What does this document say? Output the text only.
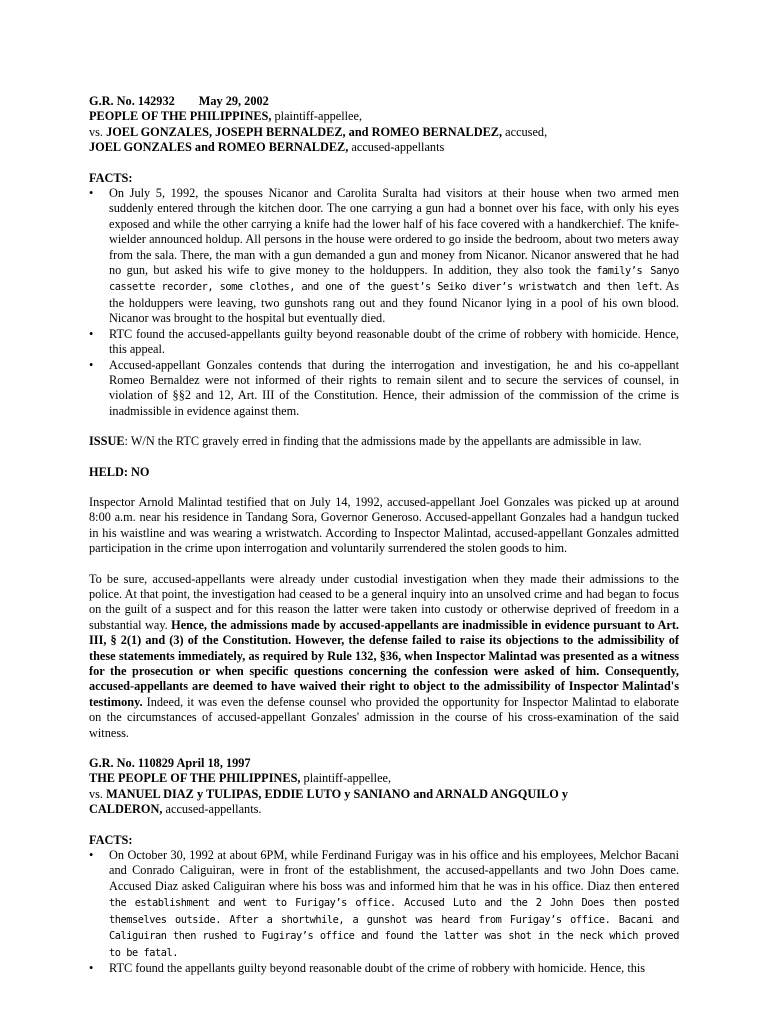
G.R. No. 142932 May 29, 2002

PEOPLE OF THE PHILIPPINES, plaintiff-appellee,

vs. JOEL GONZALES, JOSEPH BERNALDEZ, and ROMEO BERNALDEZ, accused,

JOEL GONZALES and ROMEO BERNALDEZ, accused-appellants

FACTS:
• On July 5, 1992, the spouses Nicanor and Carolita Suralta had visitors at their house when two armed men suddenly entered through the kitchen door. The one carrying a gun had a bonnet over his face, with only his eyes exposed and while the other carrying a knife had the lower half of his face covered with a handkerchief. The knife-wielder announced holdup. All persons in the house were ordered to go inside the bedroom, about two meters away from the sala. There, the man with a gun demanded a gun and money from Nicanor. Nicanor answered that he had no gun, but asked his wife to give money to the holduppers. In addition, they also took the family’s Sanyo cassette recorder, some clothes, and one of the guest’s Seiko diver’s wristwatch and then left. As the holduppers were leaving, two gunshots rang out and they found Nicanor lying in a pool of his own blood. Nicanor was brought to the hospital but eventually died.
• RTC found the accused-appellants guilty beyond reasonable doubt of the crime of robbery with homicide. Hence, this appeal.
• Accused-appellant Gonzales contends that during the interrogation and investigation, he and his co-appellant Romeo Bernaldez were not informed of their rights to remain silent and to secure the services of counsel, in violation of §§2 and 12, Art. III of the Constitution. Hence, their admission of the commission of the crime is inadmissible in evidence against them.

ISSUE: W/N the RTC gravely erred in finding that the admissions made by the appellants are admissible in law.

HELD: NO

Inspector Arnold Malintad testified that on July 14, 1992, accused-appellant Joel Gonzales was picked up at around 8:00 a.m. near his residence in Tandang Sora, Governor Generoso. Accused-appellant Gonzales had a handgun tucked in his waistline and was wearing a wristwatch. According to Inspector Malintad, accused-appellant Gonzales admitted participation in the crime upon interrogation and voluntarily surrendered the stolen goods to him.

To be sure, accused-appellants were already under custodial investigation when they made their admissions to the police. At that point, the investigation had ceased to be a general inquiry into an unsolved crime and had began to focus on the guilt of a suspect and for this reason the latter were taken into custody or otherwise deprived of freedom in a substantial way. Hence, the admissions made by accused-appellants are inadmissible in evidence pursuant to Art. III, § 2(1) and (3) of the Constitution. However, the defense failed to raise its objections to the admissibility of these statements immediately, as required by Rule 132, §36, when Inspector Malintad was presented as a witness for the prosecution or when specific questions concerning the confession were asked of him. Consequently, accused-appellants are deemed to have waived their right to object to the admissibility of Inspector Malintad's testimony. Indeed, it was even the defense counsel who provided the opportunity for Inspector Malintad to elaborate on the circumstances of accused-appellant Gonzales' admission in the course of his cross-examination of the said witness.

G.R. No. 110829 April 18, 1997

THE PEOPLE OF THE PHILIPPINES, plaintiff-appellee,

vs. MANUEL DIAZ y TULIPAS, EDDIE LUTO y SANIANO and ARNALD ANGQUILO y

CALDERON, accused-appellants.

FACTS:
• On October 30, 1992 at about 6PM, while Ferdinand Furigay was in his office and his employees, Melchor Bacani and Conrado Caliguiran, were in front of the establishment, the accused-appellants and two John Does came. Accused Diaz asked Caliguiran where his boss was and informed him that he was in his office. Diaz then entered the establishment and went to Furigay’s office. Accused Luto and the 2 John Does then posted themselves outside. After a shortwhile, a gunshot was heard from Furigay’s office. Bacani and Caliguiran then rushed to Fugiray’s office and found the latter was shot in the neck which proved to be fatal.
• RTC found the appellants guilty beyond reasonable doubt of the crime of robbery with homicide. Hence, this
